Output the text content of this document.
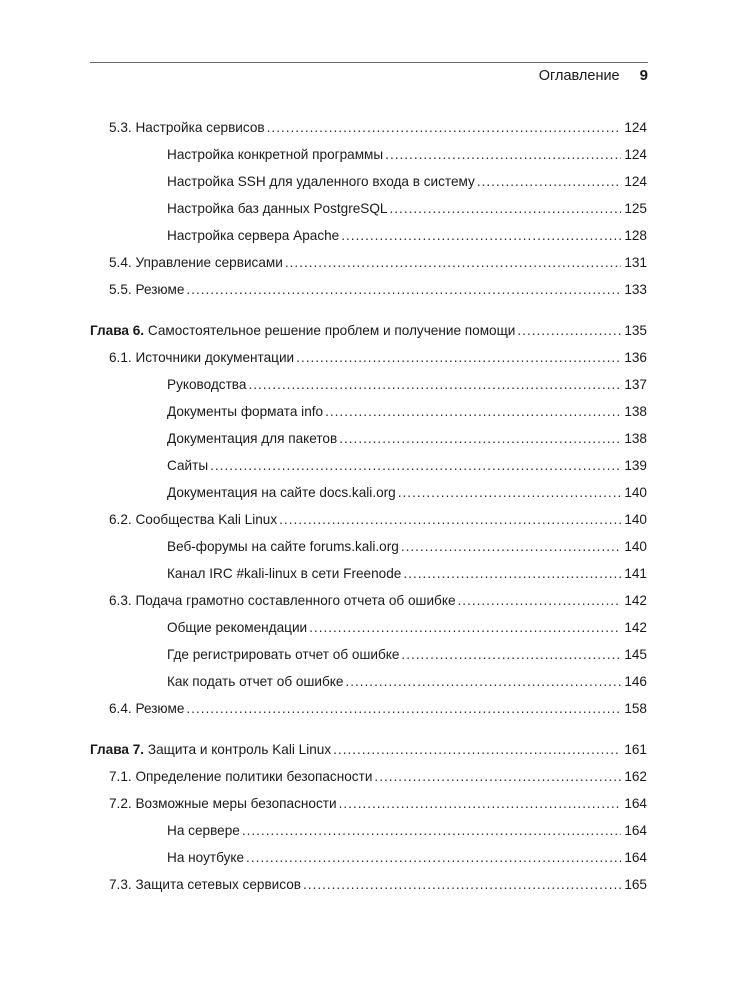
Оглавление 9
5.3. Настройка сервисов .....	124
Настройка конкретной программы .....	124
Настройка SSH для удаленного входа в систему .....	124
Настройка баз данных PostgreSQL .....	125
Настройка сервера Apache .....	128
5.4. Управление сервисами .....	131
5.5. Резюме .....	133
Глава 6. Самостоятельное решение проблем и получение помощи .....	135
6.1. Источники документации .....	136
Руководства .....	137
Документы формата info .....	138
Документация для пакетов .....	138
Сайты .....	139
Документация на сайте docs.kali.org .....	140
6.2. Сообщества Kali Linux .....	140
Веб-форумы на сайте forums.kali.org .....	140
Канал IRC #kali-linux в сети Freenode .....	141
6.3. Подача грамотно составленного отчета об ошибке .....	142
Общие рекомендации .....	142
Где регистрировать отчет об ошибке .....	145
Как подать отчет об ошибке .....	146
6.4. Резюме .....	158
Глава 7. Защита и контроль Kali Linux .....	161
7.1. Определение политики безопасности .....	162
7.2. Возможные меры безопасности .....	164
На сервере .....	164
На ноутбуке .....	164
7.3. Защита сетевых сервисов .....	165
